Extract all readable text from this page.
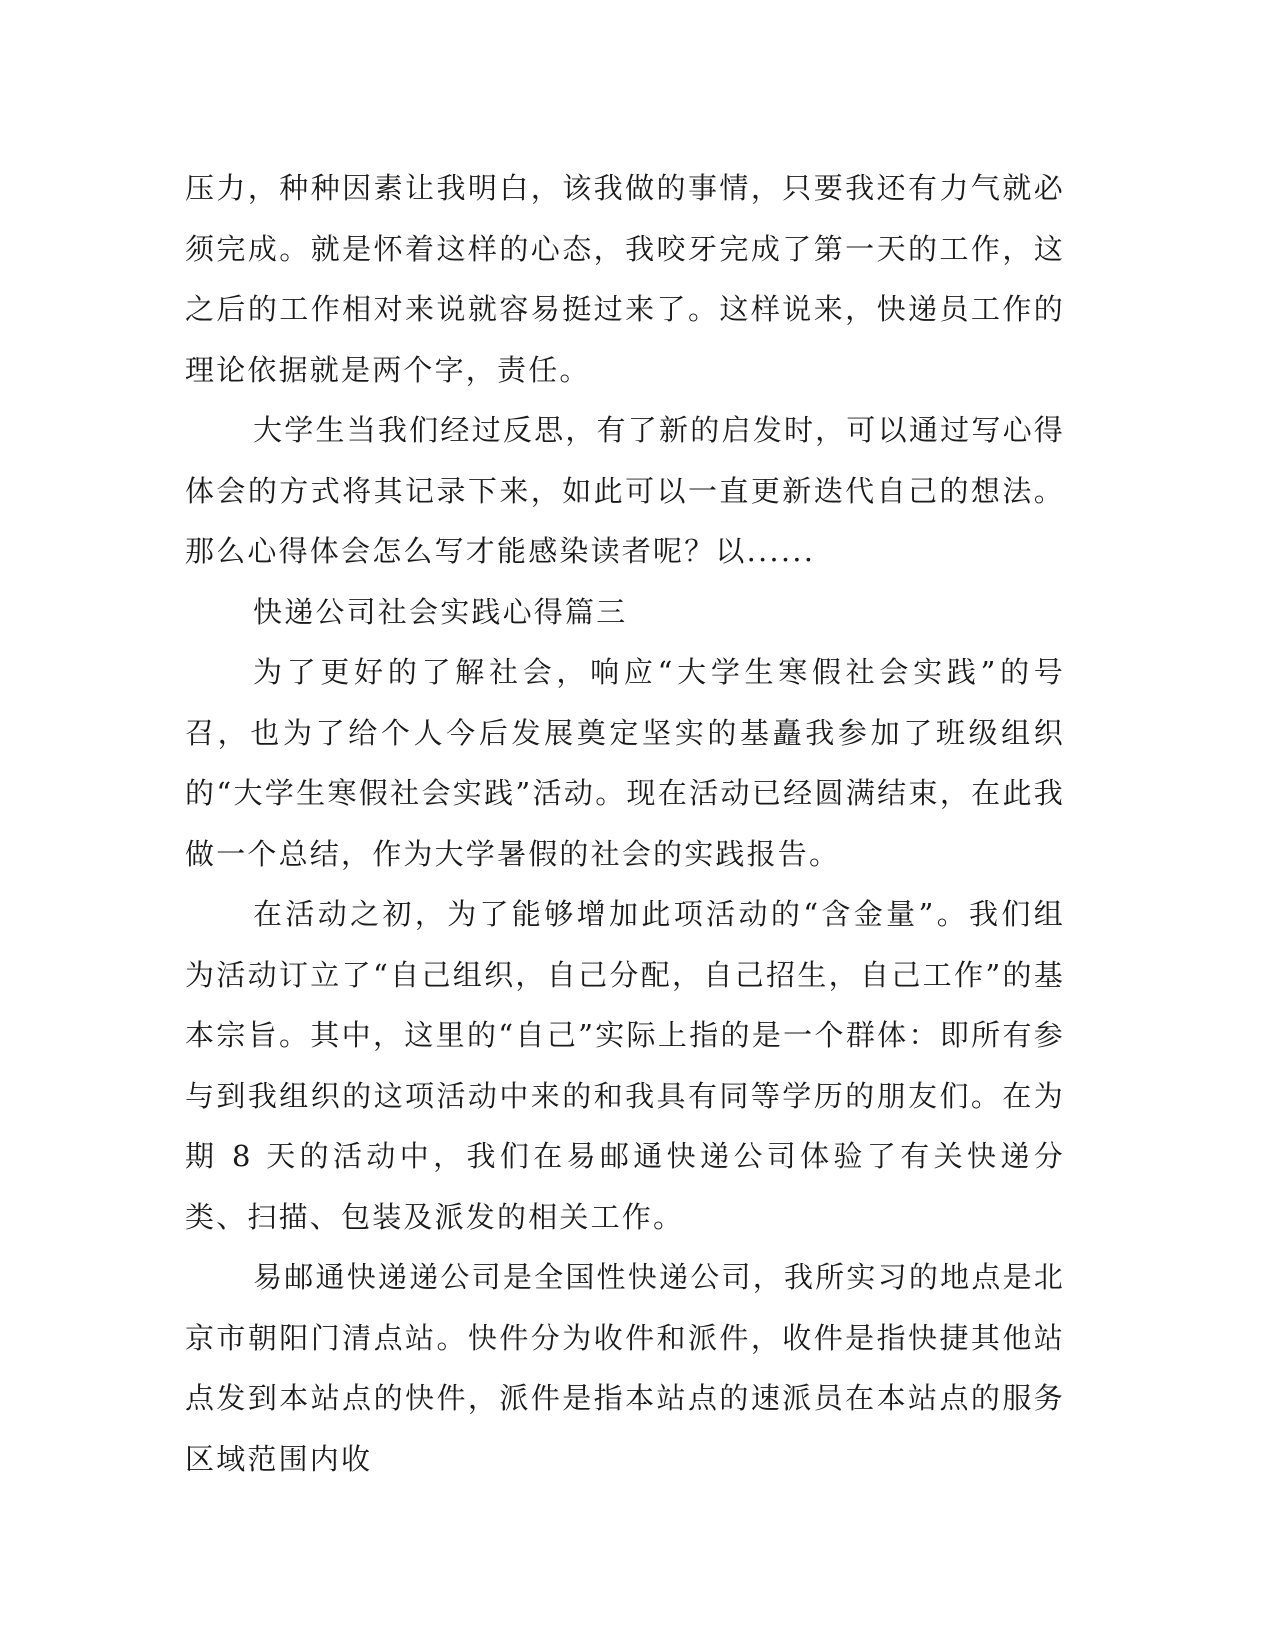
压力，种种因素让我明白，该我做的事情，只要我还有力气就必须完成。就是怀着这样的心态，我咬牙完成了第一天的工作，这之后的工作相对来说就容易挺过来了。这样说来，快递员工作的理论依据就是两个字，责任。

大学生当我们经过反思，有了新的启发时，可以通过写心得体会的方式将其记录下来，如此可以一直更新迭代自己的想法。那么心得体会怎么写才能感染读者呢？以......

快递公司社会实践心得篇三

为了更好的了解社会，响应“大学生寒假社会实践”的号召，也为了给个人今后发展奠定坚实的基矗我参加了班级组织的“大学生寒假社会实践”活动。现在活动已经圆满结束，在此我做一个总结，作为大学暑假的社会的实践报告。

在活动之初，为了能够增加此项活动的“含金量”。我们组为活动订立了“自己组织，自己分配，自己招生，自己工作”的基本宗旨。其中，这里的“自己”实际上指的是一个群体：即所有参与到我组织的这项活动中来的和我具有同等学历的朋友们。在为期 8 天的活动中，我们在易邮通快递公司体验了有关快递分类、扫描、包装及派发的相关工作。

易邮通快递递公司是全国性快递公司，我所实习的地点是北京市朝阳门清点站。快件分为收件和派件，收件是指快捷其他站点发到本站点的快件，派件是指本站点的速派员在本站点的服务区域范围内收
